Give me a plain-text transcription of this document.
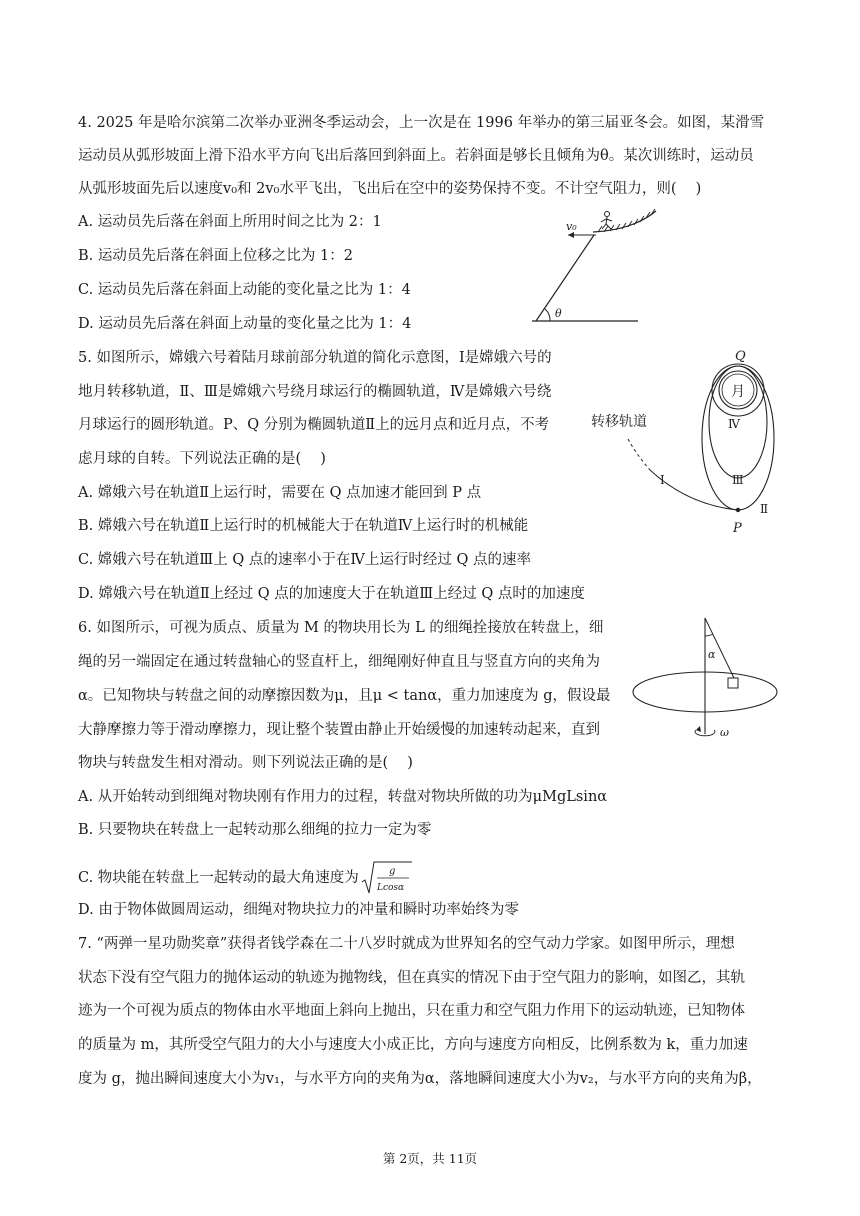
4. 2025 年是哈尔滨第二次举办亚洲冬季运动会，上一次是在 1996 年举办的第三届亚冬会。如图，某滑雪
运动员从弧形坡面上滑下沿水平方向飞出后落回到斜面上。若斜面是够长且倾角为θ。某次训练时，运动员
从弧形坡面先后以速度v₀和 2v₀水平飞出，飞出后在空中的姿势保持不变。不计空气阻力，则(　 )
A. 运动员先后落在斜面上所用时间之比为 2：1
B. 运动员先后落在斜面上位移之比为 1：2
C. 运动员先后落在斜面上动能的变化量之比为 1：4
D. 运动员先后落在斜面上动量的变化量之比为 1：4
v₀
θ
5. 如图所示，嫦娥六号着陆月球前部分轨道的简化示意图，Ⅰ是嫦娥六号的
地月转移轨道，Ⅱ、Ⅲ是嫦娥六号绕月球运行的椭圆轨道，Ⅳ是嫦娥六号绕
月球运行的圆形轨道。P、Q 分别为椭圆轨道Ⅱ上的远月点和近月点，不考
虑月球的自转。下列说法正确的是(　 )
A. 嫦娥六号在轨道Ⅱ上运行时，需要在 Q 点加速才能回到 P 点
B. 嫦娥六号在轨道Ⅱ上运行时的机械能大于在轨道Ⅳ上运行时的机械能
C. 嫦娥六号在轨道Ⅲ上 Q 点的速率小于在Ⅳ上运行时经过 Q 点的速率
D. 嫦娥六号在轨道Ⅱ上经过 Q 点的加速度大于在轨道Ⅲ上经过 Q 点时的加速度
Q
月
Ⅳ
转移轨道
Ⅰ	Ⅲ
Ⅱ
P
6. 如图所示，可视为质点、质量为 M 的物块用长为 L 的细绳拴接放在转盘上，细
绳的另一端固定在通过转盘轴心的竖直杆上，细绳刚好伸直且与竖直方向的夹角为
α。已知物块与转盘之间的动摩擦因数为μ，且μ < tanα，重力加速度为 g，假设最
大静摩擦力等于滑动摩擦力，现让整个装置由静止开始缓慢的加速转动起来，直到
物块与转盘发生相对滑动。则下列说法正确的是(　 )
A. 从开始转动到细绳对物块刚有作用力的过程，转盘对物块所做的功为μMgLsinα
B. 只要物块在转盘上一起转动那么细绳的拉力一定为零
C. 物块能在转盘上一起转动的最大角速度为	g
Lcosα
D. 由于物体做圆周运动，细绳对物块拉力的冲量和瞬时功率始终为零
α
ω
7. “两弹一星功勋奖章”获得者钱学森在二十八岁时就成为世界知名的空气动力学家。如图甲所示，理想
状态下没有空气阻力的抛体运动的轨迹为抛物线，但在真实的情况下由于空气阻力的影响，如图乙，其轨
迹为一个可视为质点的物体由水平地面上斜向上抛出，只在重力和空气阻力作用下的运动轨迹，已知物体
的质量为 m，其所受空气阻力的大小与速度大小成正比，方向与速度方向相反，比例系数为 k，重力加速
度为 g，抛出瞬间速度大小为v₁，与水平方向的夹角为α，落地瞬间速度大小为v₂，与水平方向的夹角为β，
第 2页，共 11页
